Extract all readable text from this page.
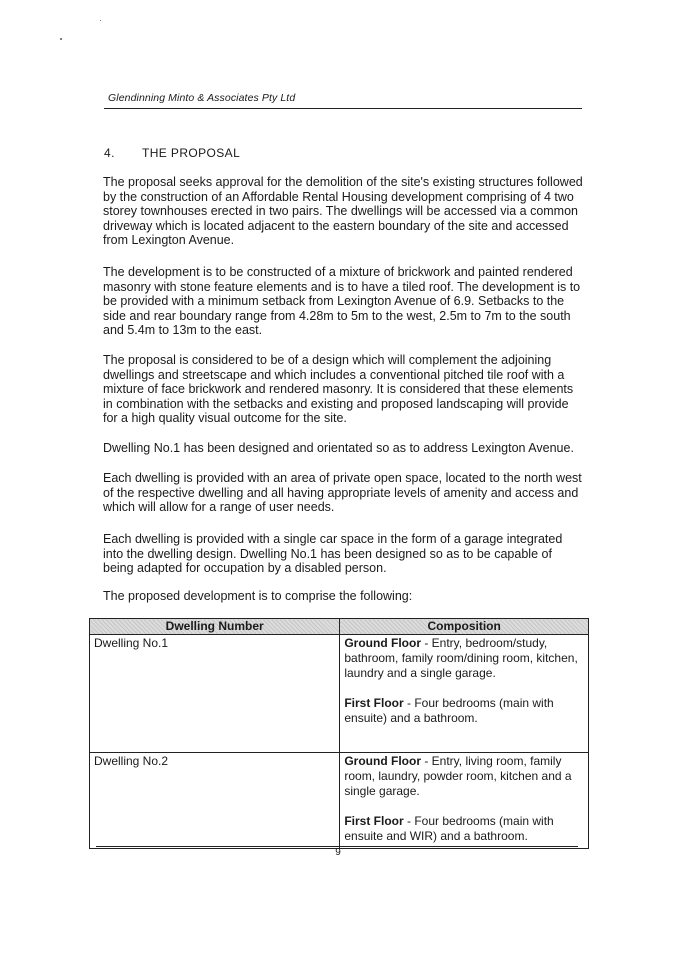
Glendinning Minto & Associates Pty Ltd
4. THE PROPOSAL

The proposal seeks approval for the demolition of the site's existing structures followed by the construction of an Affordable Rental Housing development comprising of 4 two storey townhouses erected in two pairs. The dwellings will be accessed via a common driveway which is located adjacent to the eastern boundary of the site and accessed from Lexington Avenue.

The development is to be constructed of a mixture of brickwork and painted rendered masonry with stone feature elements and is to have a tiled roof. The development is to be provided with a minimum setback from Lexington Avenue of 6.9. Setbacks to the side and rear boundary range from 4.28m to 5m to the west, 2.5m to 7m to the south and 5.4m to 13m to the east.

The proposal is considered to be of a design which will complement the adjoining dwellings and streetscape and which includes a conventional pitched tile roof with a mixture of face brickwork and rendered masonry. It is considered that these elements in combination with the setbacks and existing and proposed landscaping will provide for a high quality visual outcome for the site.

Dwelling No.1 has been designed and orientated so as to address Lexington Avenue.

Each dwelling is provided with an area of private open space, located to the north west of the respective dwelling and all having appropriate levels of amenity and access and which will allow for a range of user needs.

Each dwelling is provided with a single car space in the form of a garage integrated into the dwelling design. Dwelling No.1 has been designed so as to be capable of being adapted for occupation by a disabled person.

The proposed development is to comprise the following:

Dwelling Number	Composition
Dwelling No.1	Ground Floor - Entry, bedroom/study, bathroom, family room/dining room, kitchen, laundry and a single garage.

First Floor - Four bedrooms (main with ensuite) and a bathroom.

Dwelling No.2	Ground Floor - Entry, living room, family room, laundry, powder room, kitchen and a single garage.

First Floor - Four bedrooms (main with ensuite and WIR) and a bathroom.

9
